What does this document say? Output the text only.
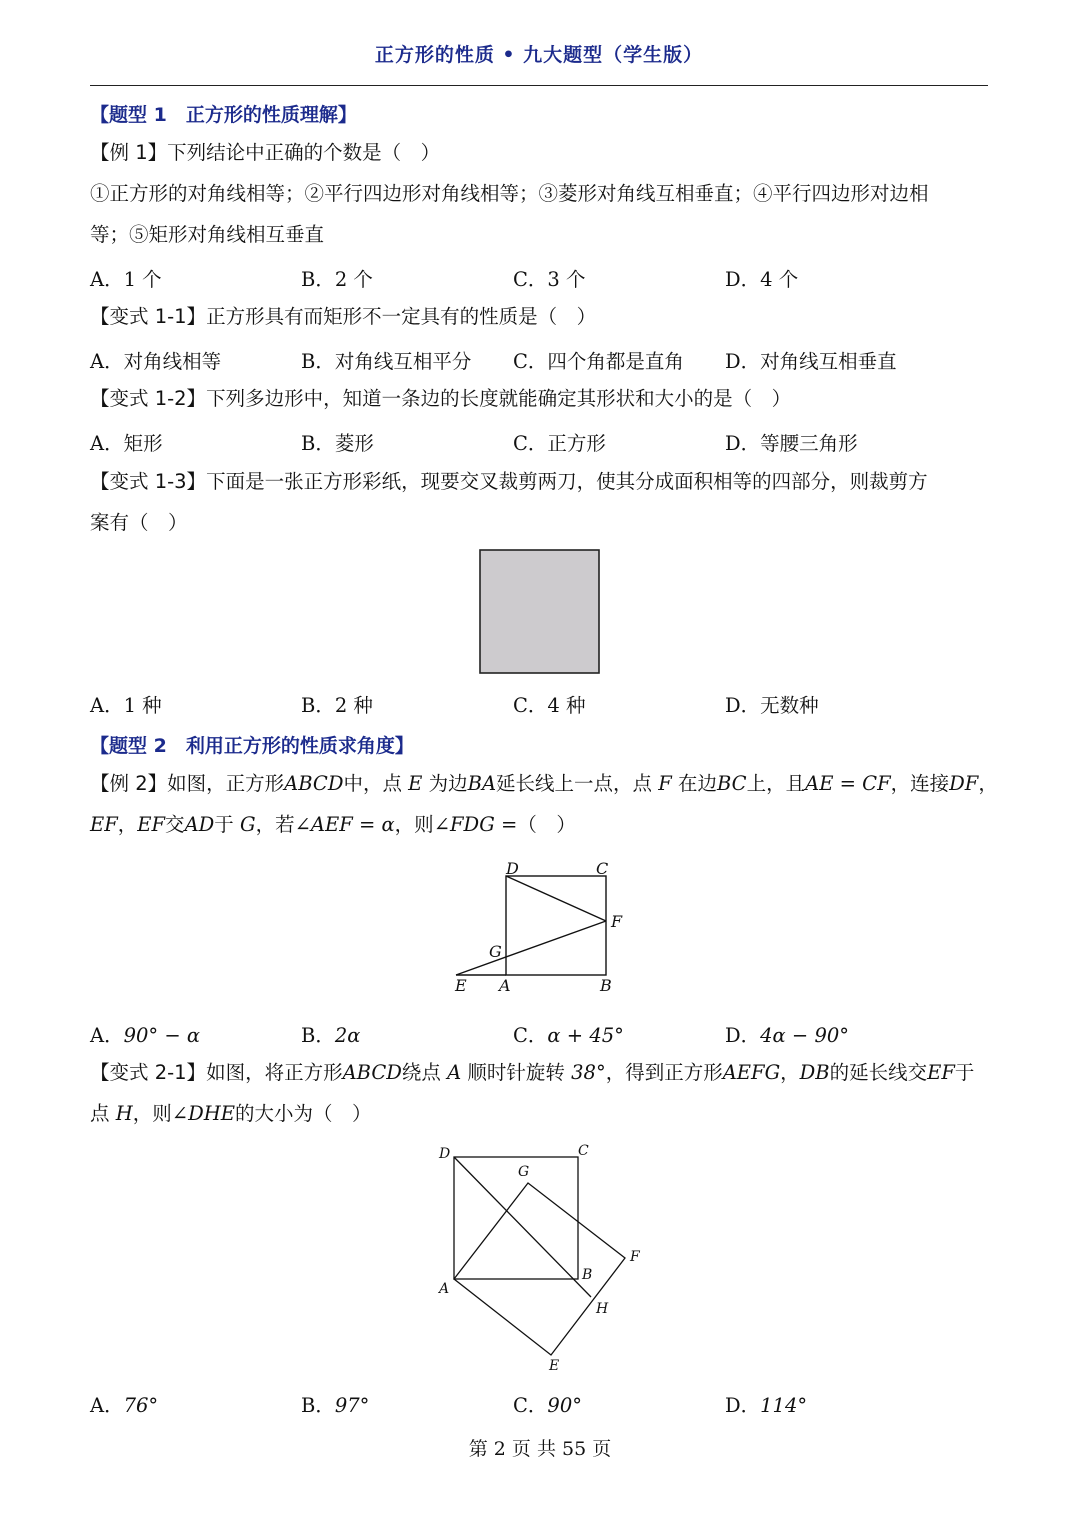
正方形的性质 • 九大题型（学生版）
【题型 1　正方形的性质理解】
【例 1】下列结论中正确的个数是（　）
①正方形的对角线相等；②平行四边形对角线相等；③菱形对角线互相垂直；④平行四边形对边相
等；⑤矩形对角线相互垂直
A．1 个	B．2 个	C．3 个	D．4 个
【变式 1-1】正方形具有而矩形不一定具有的性质是（　）
A．对角线相等	B．对角线互相平分 C．四个角都是直角 D．对角线互相垂直
【变式 1-2】下列多边形中，知道一条边的长度就能确定其形状和大小的是（　）
A．矩形	B．菱形	C．正方形	D．等腰三角形
【变式 1-3】下面是一张正方形彩纸，现要交叉裁剪两刀，使其分成面积相等的四部分，则裁剪方
案有（　）
A．1 种	B．2 种	C．4 种	D．无数种
【题型 2　利用正方形的性质求角度】
【例 2】如图，正方形ABCD中，点 E 为边BA延长线上一点，点 F 在边BC上，且AE = CF，连接DF，
EF，EF交AD于 G，若∠AEF = α，则∠FDG =（　）
D	C
F
G
E A	B
A．90° − α	B．2α	C．α + 45°	D．4α − 90°
【变式 2-1】如图，将正方形ABCD绕点 A 顺时针旋转 38°，得到正方形AEFG，DB的延长线交EF于
点 H，则∠DHE的大小为（　）
D	C
G
F
A
B
H
E
A．76°	B．97°	C．90°	D．114°
第 2 页 共 55 页
